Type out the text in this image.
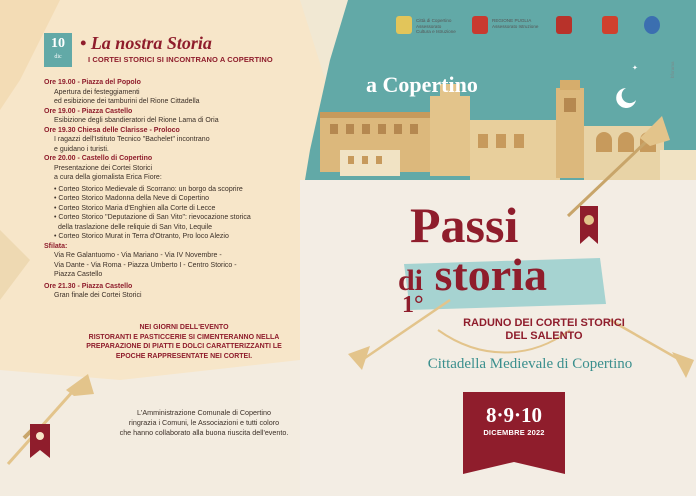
10
dic
• La nostra Storia
I CORTEI STORICI SI INCONTRANO A COPERTINO
Ore 19.00 - Piazza del Popolo
Apertura dei festeggiamenti
ed esibizione dei tamburini del Rione Cittadella
Ore 19.00 - Piazza Castello
Esibizione degli sbandieratori del Rione Lama di Oria
Ore 19.30 Chiesa delle Clarisse - Proloco
I ragazzi dell'Istituto Tecnico "Bachelet" incontrano
e guidano i turisti.
Ore 20.00 - Castello di Copertino
Presentazione dei Cortei Storici
a cura della giornalista Erica Fiore:
• Corteo Storico Medievale di Scorrano: un borgo da scoprire
• Corteo Storico Madonna della Neve di Copertino
• Corteo Storico Maria d'Enghien alla Corte di Lecce
• Corteo Storico "Deputazione di San Vito": rievocazione storica
della traslazione delle reliquie di San Vito, Lequile
• Corteo Storico Murat in Terra d'Otranto, Pro loco Alezio
Sfilata:
Via Re Galantuomo - Via Mariano - Via IV Novembre -
Via Dante - Via Roma - Piazza Umberto I - Centro Storico -
Piazza Castello
Ore 21.30 - Piazza Castello
Gran finale dei Cortei Storici
NEI GIORNI DELL'EVENTO
RISTORANTI E PASTICCERIE SI CIMENTERANNO NELLA
PREPARAZIONE DI PIATTI E DOLCI CARATTERIZZANTI LE
EPOCHE RAPPRESENTATE NEI CORTEI.
L'Amministrazione Comunale di Copertino
ringrazia i Comuni, le Associazioni e tutti coloro
che hanno collaborato alla buona riuscita dell'evento.
✦
Città di Copertino
Assessorato
Cultura e Istruzione
REGIONE PUGLIA
Assessorato Istruzione
a Copertino
bforama
Passi
di storia
1°
RADUNO DEI CORTEI STORICI
DEL SALENTO
Cittadella Medievale di Copertino
8·9·10
DICEMBRE 2022
